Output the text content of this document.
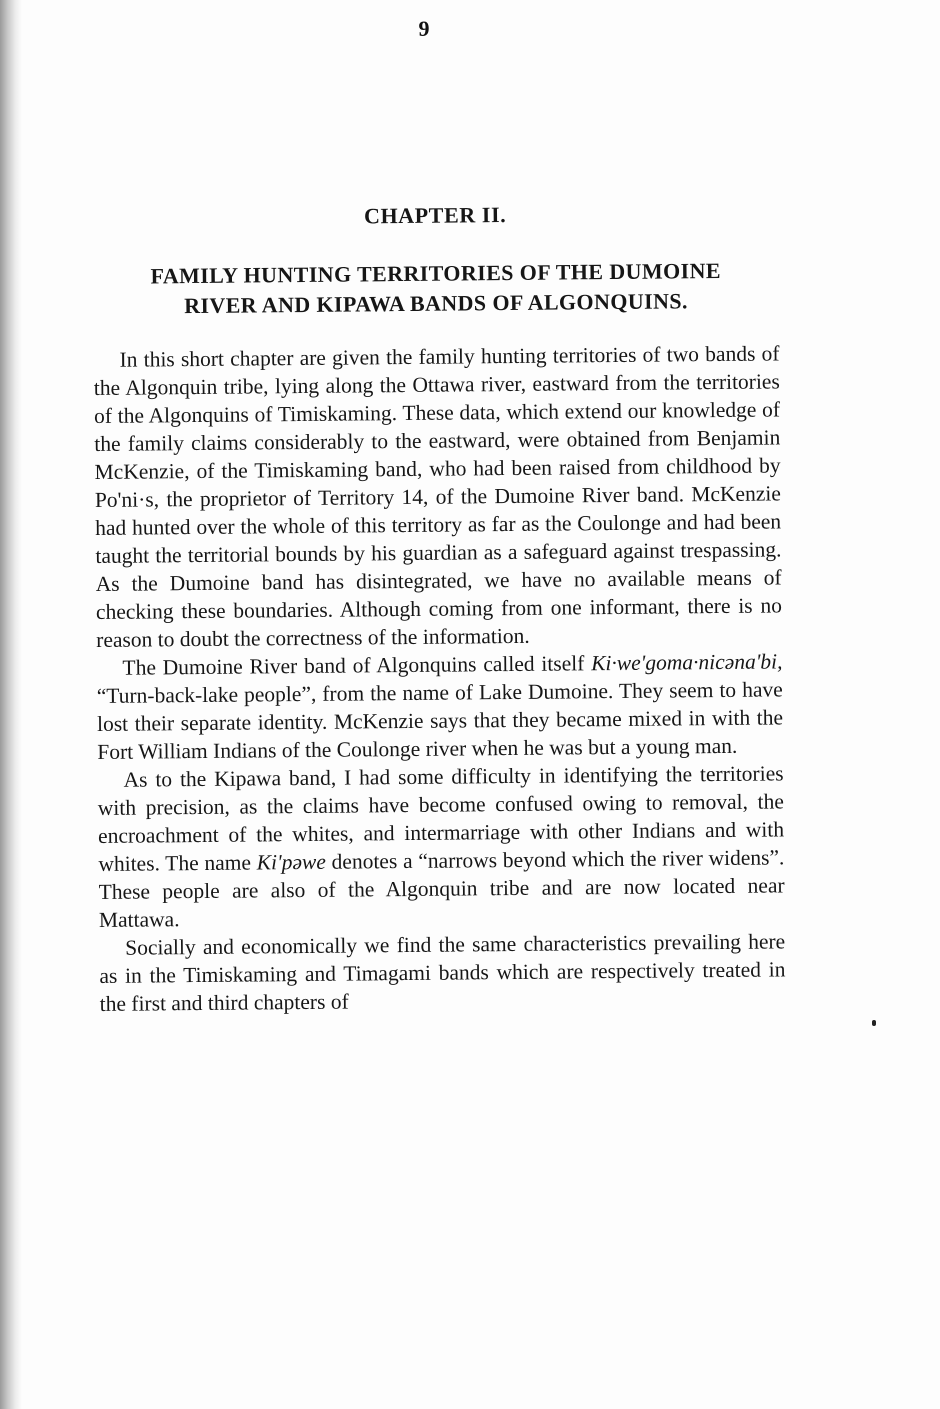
9
CHAPTER II.
FAMILY HUNTING TERRITORIES OF THE DUMOINE
RIVER AND KIPAWA BANDS OF ALGONQUINS.

In this short chapter are given the family hunting territories of two bands of the Algonquin tribe, lying along the Ottawa river, eastward from the territories of the Algonquins of Timiskaming. These data, which extend our knowledge of the family claims considerably to the eastward, were obtained from Benjamin McKenzie, of the Timiskaming band, who had been raised from childhood by Po'ni·s, the proprietor of Territory 14, of the Dumoine River band. McKenzie had hunted over the whole of this territory as far as the Coulonge and had been taught the territorial bounds by his guardian as a safeguard against trespassing. As the Dumoine band has disintegrated, we have no available means of checking these boundaries. Although coming from one informant, there is no reason to doubt the correctness of the information.

The Dumoine River band of Algonquins called itself Ki·we'goma·nicəna'bi, “Turn-back-lake people”, from the name of Lake Dumoine. They seem to have lost their separate identity. McKenzie says that they became mixed in with the Fort William Indians of the Coulonge river when he was but a young man.

As to the Kipawa band, I had some difficulty in identifying the territories with precision, as the claims have become confused owing to removal, the encroachment of the whites, and intermarriage with other Indians and with whites. The name Ki'pəwe denotes a “narrows beyond which the river widens”. These people are also of the Algonquin tribe and are now located near Mattawa.

Socially and economically we find the same characteristics prevailing here as in the Timiskaming and Timagami bands which are respectively treated in the first and third chapters of
